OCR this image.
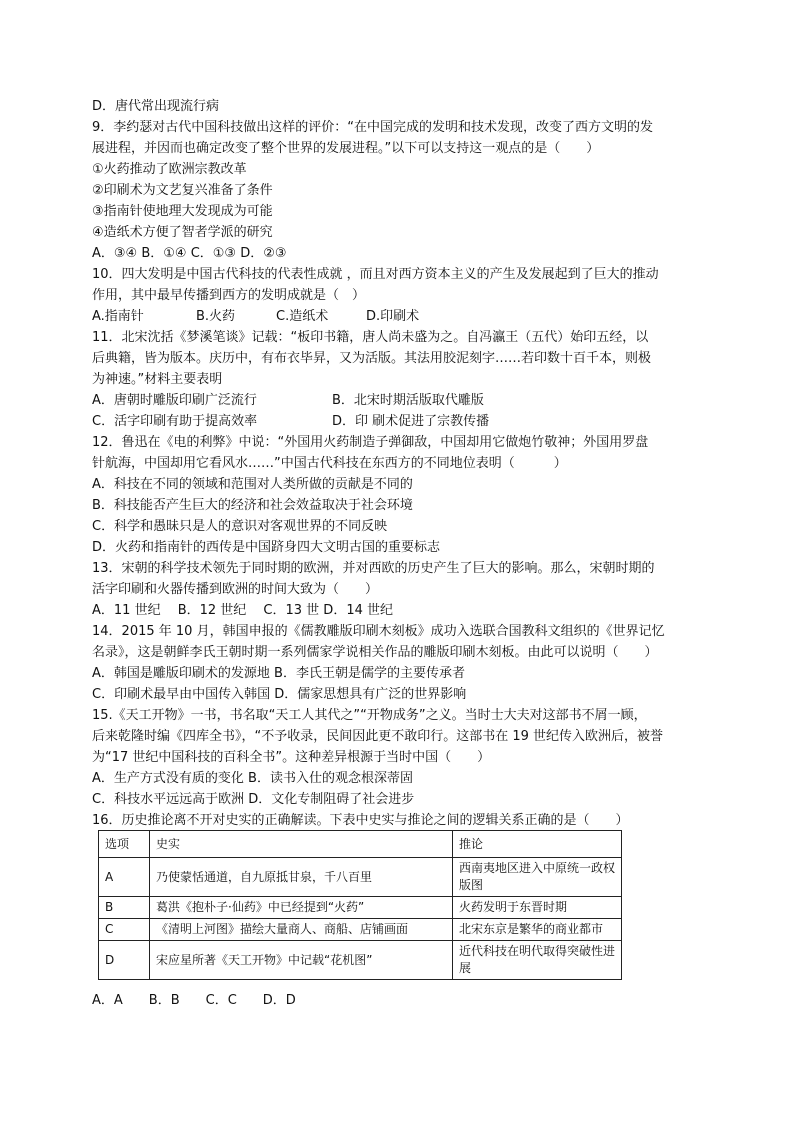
D．唐代常出现流行病
9．李约瑟对古代中国科技做出这样的评价：“在中国完成的发明和技术发现，改变了西方文明的发
展进程，并因而也确定改变了整个世界的发展进程。”以下可以支持这一观点的是（　　）
①火药推动了欧洲宗教改革
②印刷术为文艺复兴准备了条件
③指南针使地理大发现成为可能
④造纸术方便了智者学派的研究
A．③④ B．①④ C．①③ D．②③
10．四大发明是中国古代科技的代表性成就 ，而且对西方资本主义的产生及发展起到了巨大的推动
作用，其中最早传播到西方的发明成就是（　）
A.指南针	B.火药	C.造纸术	D.印刷术
11．北宋沈括《梦溪笔谈》记载：“板印书籍，唐人尚未盛为之。自冯瀛王（五代）始印五经，以
后典籍，皆为版本。庆历中，有布衣毕昇，又为活版。其法用胶泥刻字……若印数十百千本，则极
为神速。”材料主要表明
A．唐朝时雕版印刷广泛流行	B．北宋时期活版取代雕版
C．活字印刷有助于提高效率	D．印 刷术促进了宗教传播
12．鲁迅在《电的利弊》中说：“外国用火药制造子弹御敌，中国却用它做炮竹敬神；外国用罗盘
针航海，中国却用它看风水……”中国古代科技在东西方的不同地位表明（　　　）
A．科技在不同的领域和范围对人类所做的贡献是不同的
B．科技能否产生巨大的经济和社会效益取决于社会环境
C．科学和愚昧只是人的意识对客观世界的不同反映
D．火药和指南针的西传是中国跻身四大文明古国的重要标志
13．宋朝的科学技术领先于同时期的欧洲，并对西欧的历史产生了巨大的影响。那么，宋朝时期的
活字印刷和火器传播到欧洲的时间大致为（　　）
A．11 世纪　 B．12 世纪　 C．13 世 D．14 世纪
14．2015 年 10 月，韩国申报的《儒教雕版印刷木刻板》成功入选联合国教科文组织的《世界记忆
名录》，这是朝鲜李氏王朝时期一系列儒家学说相关作品的雕版印刷木刻板。由此可以说明（　　）
A．韩国是雕版印刷术的发源地 B．李氏王朝是儒学的主要传承者
C．印刷术最早由中国传入韩国 D．儒家思想具有广泛的世界影响
15.《天工开物》一书，书名取“天工人其代之”“开物成务”之义。当时士大夫对这部书不屑一顾，
后来乾隆时编《四库全书》，“不予收录，民间因此更不敢印行。这部书在 19 世纪传入欧洲后，被誉
为“17 世纪中国科技的百科全书”。这种差异根源于当时中国（　　）
A．生产方式没有质的变化 B．读书入仕的观念根深蒂固
C．科技水平远远高于欧洲 D．文化专制阻碍了社会进步
16．历史推论离不开对史实的正确解读。下表中史实与推论之间的逻辑关系正确的是（　　）
选项	史实	推论
A	乃使蒙恬通道，自九原抵甘泉，千八百里	西南夷地区进入中原统一政权版图
B	葛洪《抱朴子·仙药》中已经提到“火药”	火药发明于东晋时期
C	《清明上河图》描绘大量商人、商船、店铺画面	北宋东京是繁华的商业都市
D	宋应星所著《天工开物》中记载“花机图”	近代科技在明代取得突破性进展
A．A　　B．B　　C．C　　D．D
